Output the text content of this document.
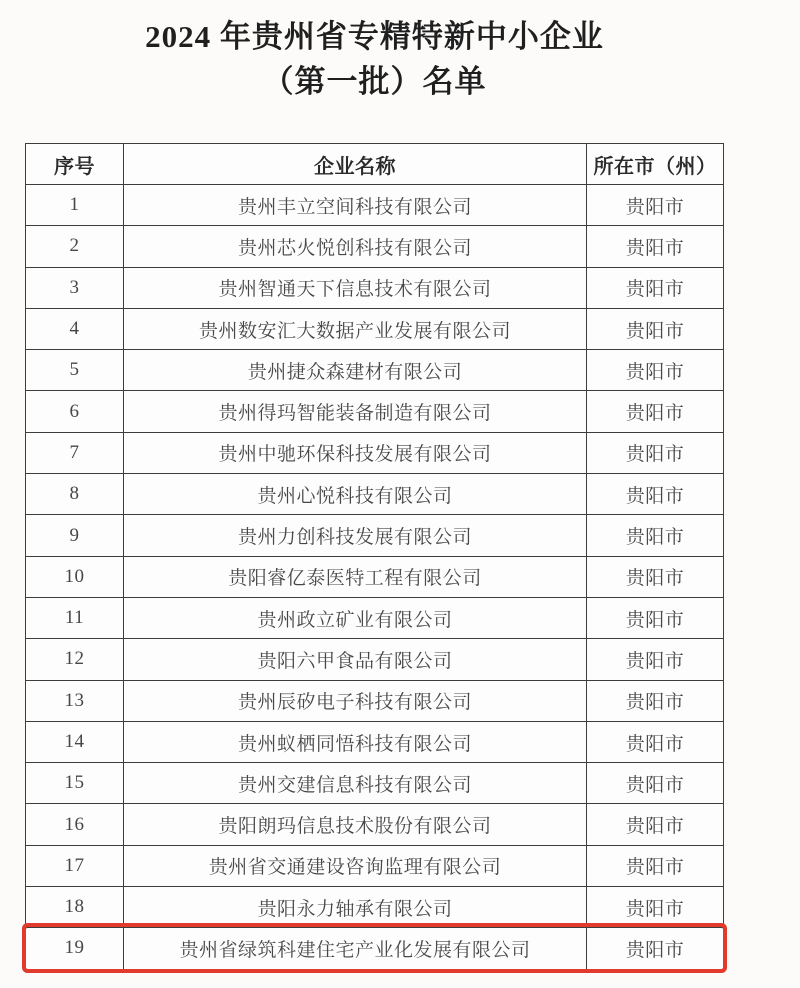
2024 年贵州省专精特新中小企业
（第一批）名单
序号	企业名称	所在市（州）
1	贵州丰立空间科技有限公司	贵阳市
2	贵州芯火悦创科技有限公司	贵阳市
3	贵州智通天下信息技术有限公司	贵阳市
4	贵州数安汇大数据产业发展有限公司	贵阳市
5	贵州捷众森建材有限公司	贵阳市
6	贵州得玛智能装备制造有限公司	贵阳市
7	贵州中驰环保科技发展有限公司	贵阳市
8	贵州心悦科技有限公司	贵阳市
9	贵州力创科技发展有限公司	贵阳市
10	贵阳睿亿泰医特工程有限公司	贵阳市
11	贵州政立矿业有限公司	贵阳市
12	贵阳六甲食品有限公司	贵阳市
13	贵州辰矽电子科技有限公司	贵阳市
14	贵州蚁栖同悟科技有限公司	贵阳市
15	贵州交建信息科技有限公司	贵阳市
16	贵阳朗玛信息技术股份有限公司	贵阳市
17	贵州省交通建设咨询监理有限公司	贵阳市
18	贵阳永力轴承有限公司	贵阳市
19	贵州省绿筑科建住宅产业化发展有限公司	贵阳市
